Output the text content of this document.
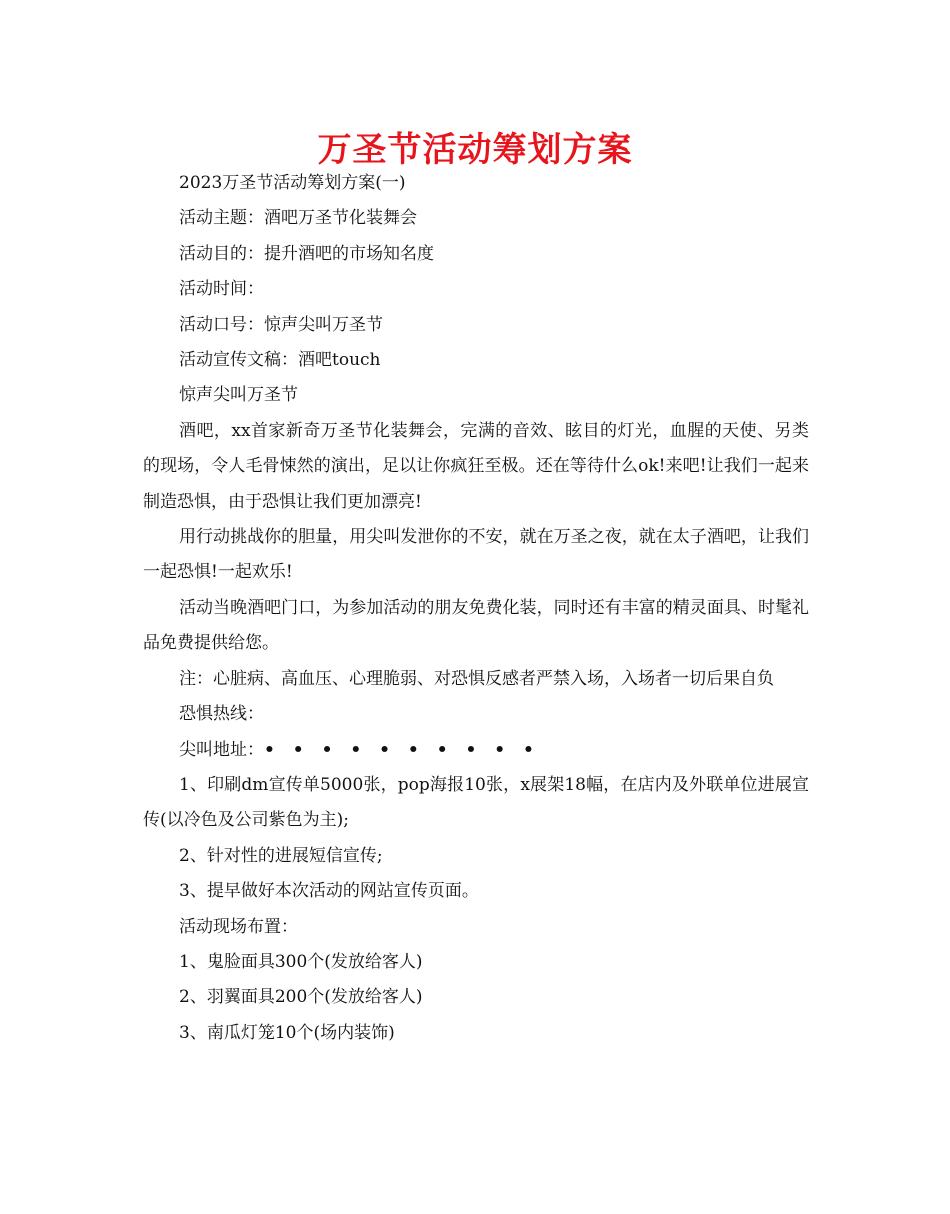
万圣节活动筹划方案

2023万圣节活动筹划方案(一)

活动主题：酒吧万圣节化装舞会

活动目的：提升酒吧的市场知名度

活动时间：

活动口号：惊声尖叫万圣节

活动宣传文稿：酒吧touch

惊声尖叫万圣节

酒吧，xx首家新奇万圣节化装舞会，完满的音效、眩目的灯光，血腥的天使、另类的现场，令人毛骨悚然的演出，足以让你疯狂至极。还在等待什么ok!来吧!让我们一起来制造恐惧，由于恐惧让我们更加漂亮!

用行动挑战你的胆量，用尖叫发泄你的不安，就在万圣之夜，就在太子酒吧，让我们一起恐惧!一起欢乐!

活动当晚酒吧门口，为参加活动的朋友免费化装，同时还有丰富的精灵面具、时髦礼品免费提供给您。

注：心脏病、高血压、心理脆弱、对恐惧反感者严禁入场，入场者一切后果自负

恐惧热线：

尖叫地址：• • • • • • • • • •

1、印刷dm宣传单5000张，pop海报10张，x展架18幅，在店内及外联单位进展宣传(以冷色及公司紫色为主);

2、针对性的进展短信宣传;

3、提早做好本次活动的网站宣传页面。

活动现场布置：

1、鬼脸面具300个(发放给客人)

2、羽翼面具200个(发放给客人)

3、南瓜灯笼10个(场内装饰)
